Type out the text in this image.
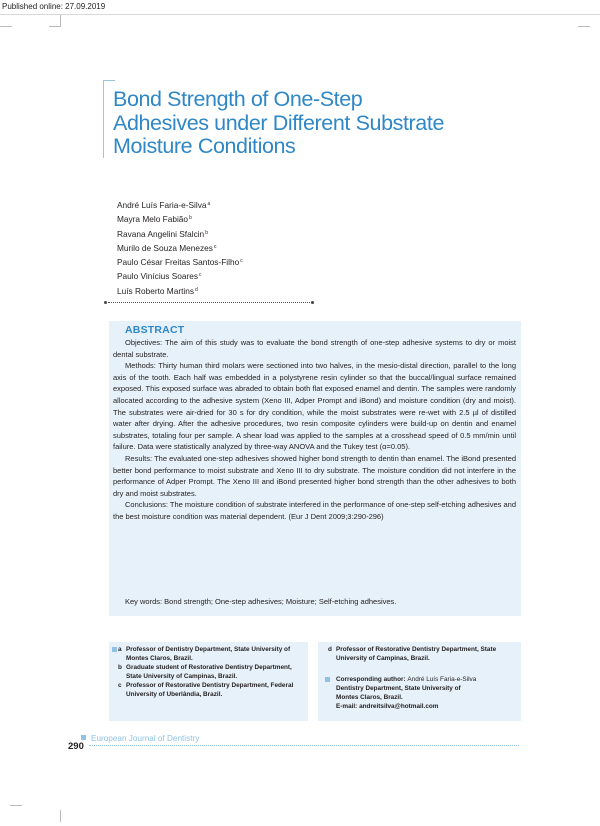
Published online: 27.09.2019
Bond Strength of One-Step
Adhesives under Different Substrate
Moisture Conditions
André Luís Faria-e-Silva$^a$
Mayra Melo Fabião$^b$
Ravana Angelini Sfalcin$^b$
Murilo de Souza Menezes$^c$
Paulo César Freitas Santos-Filho$^c$
Paulo Vinícius Soares$^c$
Luís Roberto Martins$^d$
ABSTRACT

Objectives: The aim of this study was to evaluate the bond strength of one-step adhesive systems to dry or moist dental substrate.

Methods: Thirty human third molars were sectioned into two halves, in the mesio-distal direction, parallel to the long axis of the tooth. Each half was embedded in a polystyrene resin cylinder so that the buccal/lingual surface remained exposed. This exposed surface was abraded to obtain both flat exposed enamel and dentin. The samples were randomly allocated according to the adhesive system (Xeno III, Adper Prompt and iBond) and moisture condition (dry and moist). The substrates were air-dried for 30 s for dry condition, while the moist substrates were re-wet with 2.5 µl of distilled water after drying. After the adhesive procedures, two resin composite cylinders were build-up on dentin and enamel substrates, totaling four per sample. A shear load was applied to the samples at a crosshead speed of 0.5 mm/min until failure. Data were statistically analyzed by three-way ANOVA and the Tukey test (α=0.05).

Results: The evaluated one-step adhesives showed higher bond strength to dentin than enamel. The iBond presented better bond performance to moist substrate and Xeno III to dry substrate. The moisture condition did not interfere in the performance of Adper Prompt. The Xeno III and iBond presented higher bond strength than the other adhesives to both dry and moist substrates.

Conclusions: The moisture condition of substrate interfered in the performance of one-step self-etching adhesives and the best moisture condition was material dependent. (Eur J Dent 2009;3:290-296)

Key words: Bond strength; One-step adhesives; Moisture; Self-etching adhesives.
a Professor of Dentistry Department, State University of Montes Claros, Brazil.
b Graduate student of Restorative Dentistry Department, State University of Campinas, Brazil.
c Professor of Restorative Dentistry Department, Federal University of Uberlândia, Brazil.
d Professor of Restorative Dentistry Department, State University of Campinas, Brazil.
Corresponding author: André Luís Faria-e-Silva
Dentistry Department, State University of
Montes Claros, Brazil.
E-mail: andreitsilva@hotmail.com
European Journal of Dentistry
290
